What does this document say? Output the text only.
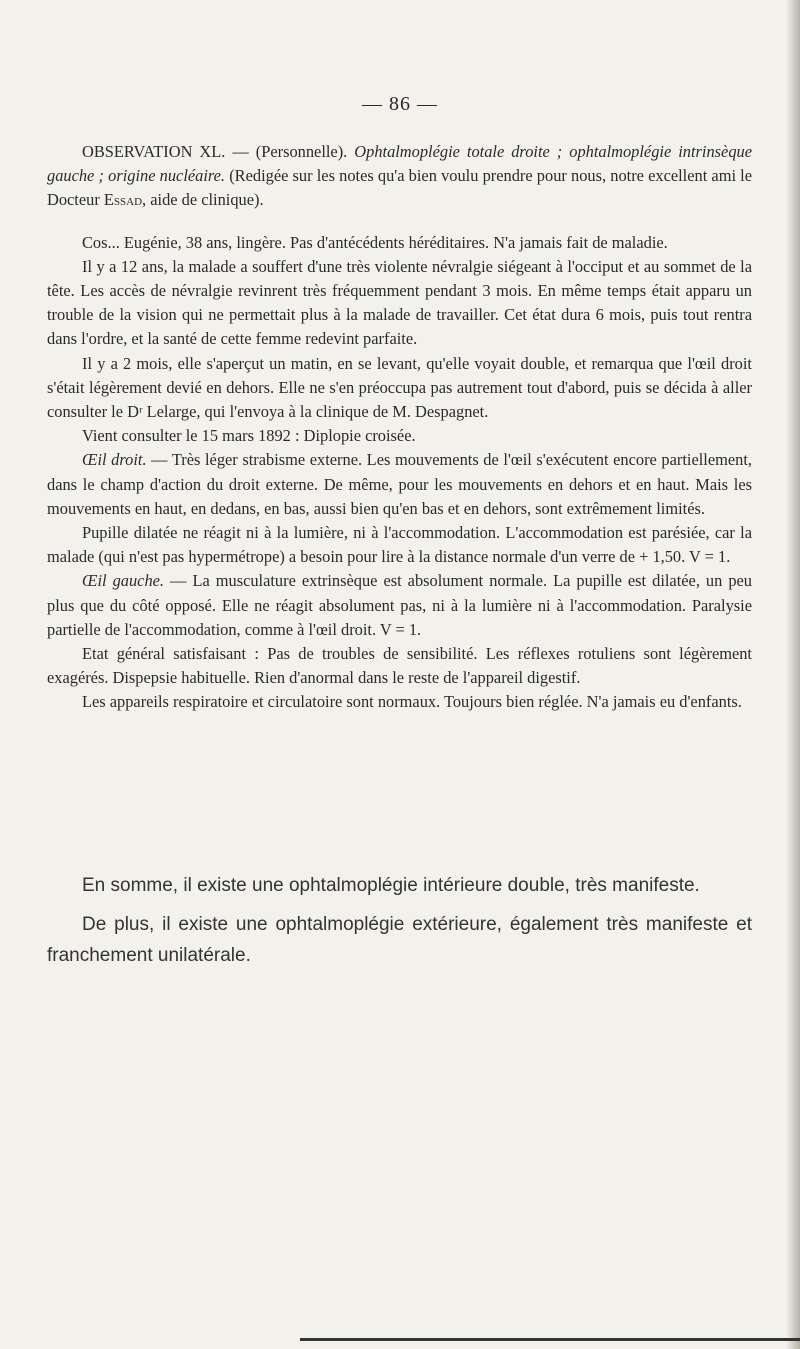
— 86 —

OBSERVATION XL. — (Personnelle). Ophtalmoplégie totale droite ; ophtalmoplégie intrinsèque gauche ; origine nucléaire. (Redigée sur les notes qu'a bien voulu prendre pour nous, notre excellent ami le Docteur Essad, aide de clinique).

Cos... Eugénie, 38 ans, lingère. Pas d'antécédents héréditaires. N'a jamais fait de maladie.

Il y a 12 ans, la malade a souffert d'une très violente névralgie siégeant à l'occiput et au sommet de la tête. Les accès de névralgie revinrent très fréquemment pendant 3 mois. En même temps était apparu un trouble de la vision qui ne permettait plus à la malade de travailler. Cet état dura 6 mois, puis tout rentra dans l'ordre, et la santé de cette femme redevint parfaite.

Il y a 2 mois, elle s'aperçut un matin, en se levant, qu'elle voyait double, et remarqua que l'œil droit s'était légèrement devié en dehors. Elle ne s'en préoccupa pas autrement tout d'abord, puis se décida à aller consulter le Dʳ Lelarge, qui l'envoya à la clinique de M. Despagnet.

Vient consulter le 15 mars 1892 : Diplopie croisée.

Œil droit. — Très léger strabisme externe. Les mouvements de l'œil s'exécutent encore partiellement, dans le champ d'action du droit externe. De même, pour les mouvements en dehors et en haut. Mais les mouvements en haut, en dedans, en bas, aussi bien qu'en bas et en dehors, sont extrêmement limités.

Pupille dilatée ne réagit ni à la lumière, ni à l'accommodation. L'accommodation est parésiée, car la malade (qui n'est pas hypermétrope) a besoin pour lire à la distance normale d'un verre de + 1,50. V = 1.

Œil gauche. — La musculature extrinsèque est absolument normale. La pupille est dilatée, un peu plus que du côté opposé. Elle ne réagit absolument pas, ni à la lumière ni à l'accommodation. Paralysie partielle de l'accommodation, comme à l'œil droit. V = 1.

Etat général satisfaisant : Pas de troubles de sensibilité. Les réflexes rotuliens sont légèrement exagérés. Dispepsie habituelle. Rien d'anormal dans le reste de l'appareil digestif.

Les appareils respiratoire et circulatoire sont normaux. Toujours bien réglée. N'a jamais eu d'enfants.

En somme, il existe une ophtalmoplégie intérieure double, très manifeste.

De plus, il existe une ophtalmoplégie extérieure, également très manifeste et franchement unilatérale.
